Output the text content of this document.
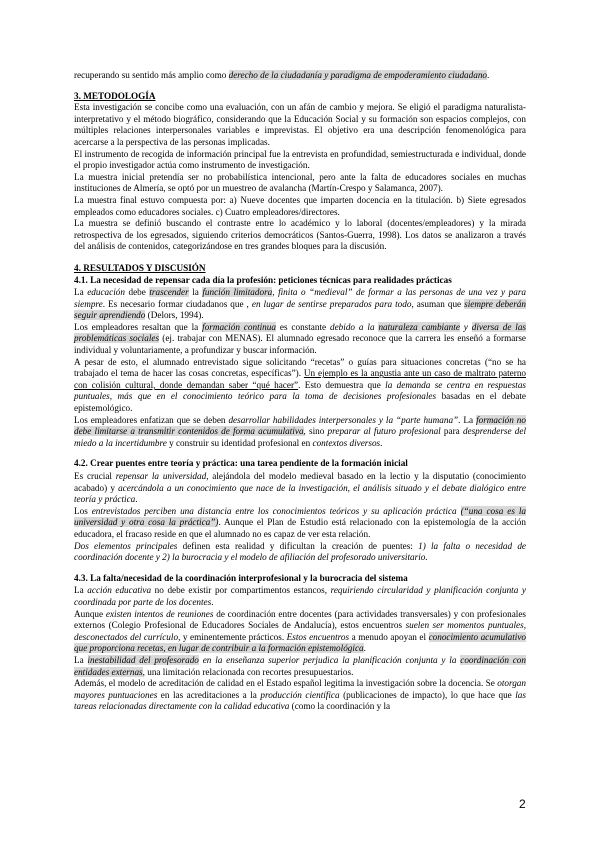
recuperando su sentido más amplio como derecho de la ciudadanía y paradigma de empoderamiento ciudadano.

3. METODOLOGÍA

Esta investigación se concibe como una evaluación, con un afán de cambio y mejora. Se eligió el paradigma naturalista-interpretativo y el método biográfico, considerando que la Educación Social y su formación son espacios complejos, con múltiples relaciones interpersonales variables e imprevistas. El objetivo era una descripción fenomenológica para acercarse a la perspectiva de las personas implicadas.

El instrumento de recogida de información principal fue la entrevista en profundidad, semiestructurada e individual, donde el propio investigador actúa como instrumento de investigación.

La muestra inicial pretendía ser no probabilística intencional, pero ante la falta de educadores sociales en muchas instituciones de Almería, se optó por un muestreo de avalancha (Martín-Crespo y Salamanca, 2007).

La muestra final estuvo compuesta por: a) Nueve docentes que imparten docencia en la titulación. b) Siete egresados empleados como educadores sociales. c) Cuatro empleadores/directores.

La muestra se definió buscando el contraste entre lo académico y lo laboral (docentes/empleadores) y la mirada retrospectiva de los egresados, siguiendo criterios democráticos (Santos-Guerra, 1998). Los datos se analizaron a través del análisis de contenidos, categorizándose en tres grandes bloques para la discusión.

4. RESULTADOS Y DISCUSIÓN
4.1. La necesidad de repensar cada día la profesión: peticiones técnicas para realidades prácticas

La educación debe trascender la función limitadora, finita o “medieval” de formar a las personas de una vez y para siempre. Es necesario formar ciudadanos que , en lugar de sentirse preparados para todo, asuman que siempre deberán seguir aprendiendo (Delors, 1994).

Los empleadores resaltan que la formación continua es constante debido a la naturaleza cambiante y diversa de las problemáticas sociales (ej. trabajar con MENAS). El alumnado egresado reconoce que la carrera les enseñó a formarse individual y voluntariamente, a profundizar y buscar información.

A pesar de esto, el alumnado entrevistado sigue solicitando “recetas” o guías para situaciones concretas (“no se ha trabajado el tema de hacer las cosas concretas, específicas”). Un ejemplo es la angustia ante un caso de maltrato paterno con colisión cultural, donde demandan saber “qué hacer”. Esto demuestra que la demanda se centra en respuestas puntuales, más que en el conocimiento teórico para la toma de decisiones profesionales basadas en el debate epistemológico.

Los empleadores enfatizan que se deben desarrollar habilidades interpersonales y la “parte humana”. La formación no debe limitarse a transmitir contenidos de forma acumulativa, sino preparar al futuro profesional para desprenderse del miedo a la incertidumbre y construir su identidad profesional en contextos diversos.

4.2. Crear puentes entre teoría y práctica: una tarea pendiente de la formación inicial

Es crucial repensar la universidad, alejándola del modelo medieval basado en la lectio y la disputatio (conocimiento acabado) y acercándola a un conocimiento que nace de la investigación, el análisis situado y el debate dialógico entre teoría y práctica.

Los entrevistados perciben una distancia entre los conocimientos teóricos y su aplicación práctica (“una cosa es la universidad y otra cosa la práctica”). Aunque el Plan de Estudio está relacionado con la epistemología de la acción educadora, el fracaso reside en que el alumnado no es capaz de ver esta relación.

Dos elementos principales definen esta realidad y dificultan la creación de puentes: 1) la falta o necesidad de coordinación docente y 2) la burocracia y el modelo de afiliación del profesorado universitario.

4.3. La falta/necesidad de la coordinación interprofesional y la burocracia del sistema

La acción educativa no debe existir por compartimentos estancos, requiriendo circularidad y planificación conjunta y coordinada por parte de los docentes.

Aunque existen intentos de reuniones de coordinación entre docentes (para actividades transversales) y con profesionales externos (Colegio Profesional de Educadores Sociales de Andalucía), estos encuentros suelen ser momentos puntuales, desconectados del currículo, y eminentemente prácticos. Estos encuentros a menudo apoyan el conocimiento acumulativo que proporciona recetas, en lugar de contribuir a la formación epistemológica.

La inestabilidad del profesorado en la enseñanza superior perjudica la planificación conjunta y la coordinación con entidades externas, una limitación relacionada con recortes presupuestarios.

Además, el modelo de acreditación de calidad en el Estado español legitima la investigación sobre la docencia. Se otorgan mayores puntuaciones en las acreditaciones a la producción científica (publicaciones de impacto), lo que hace que las tareas relacionadas directamente con la calidad educativa (como la coordinación y la

2
